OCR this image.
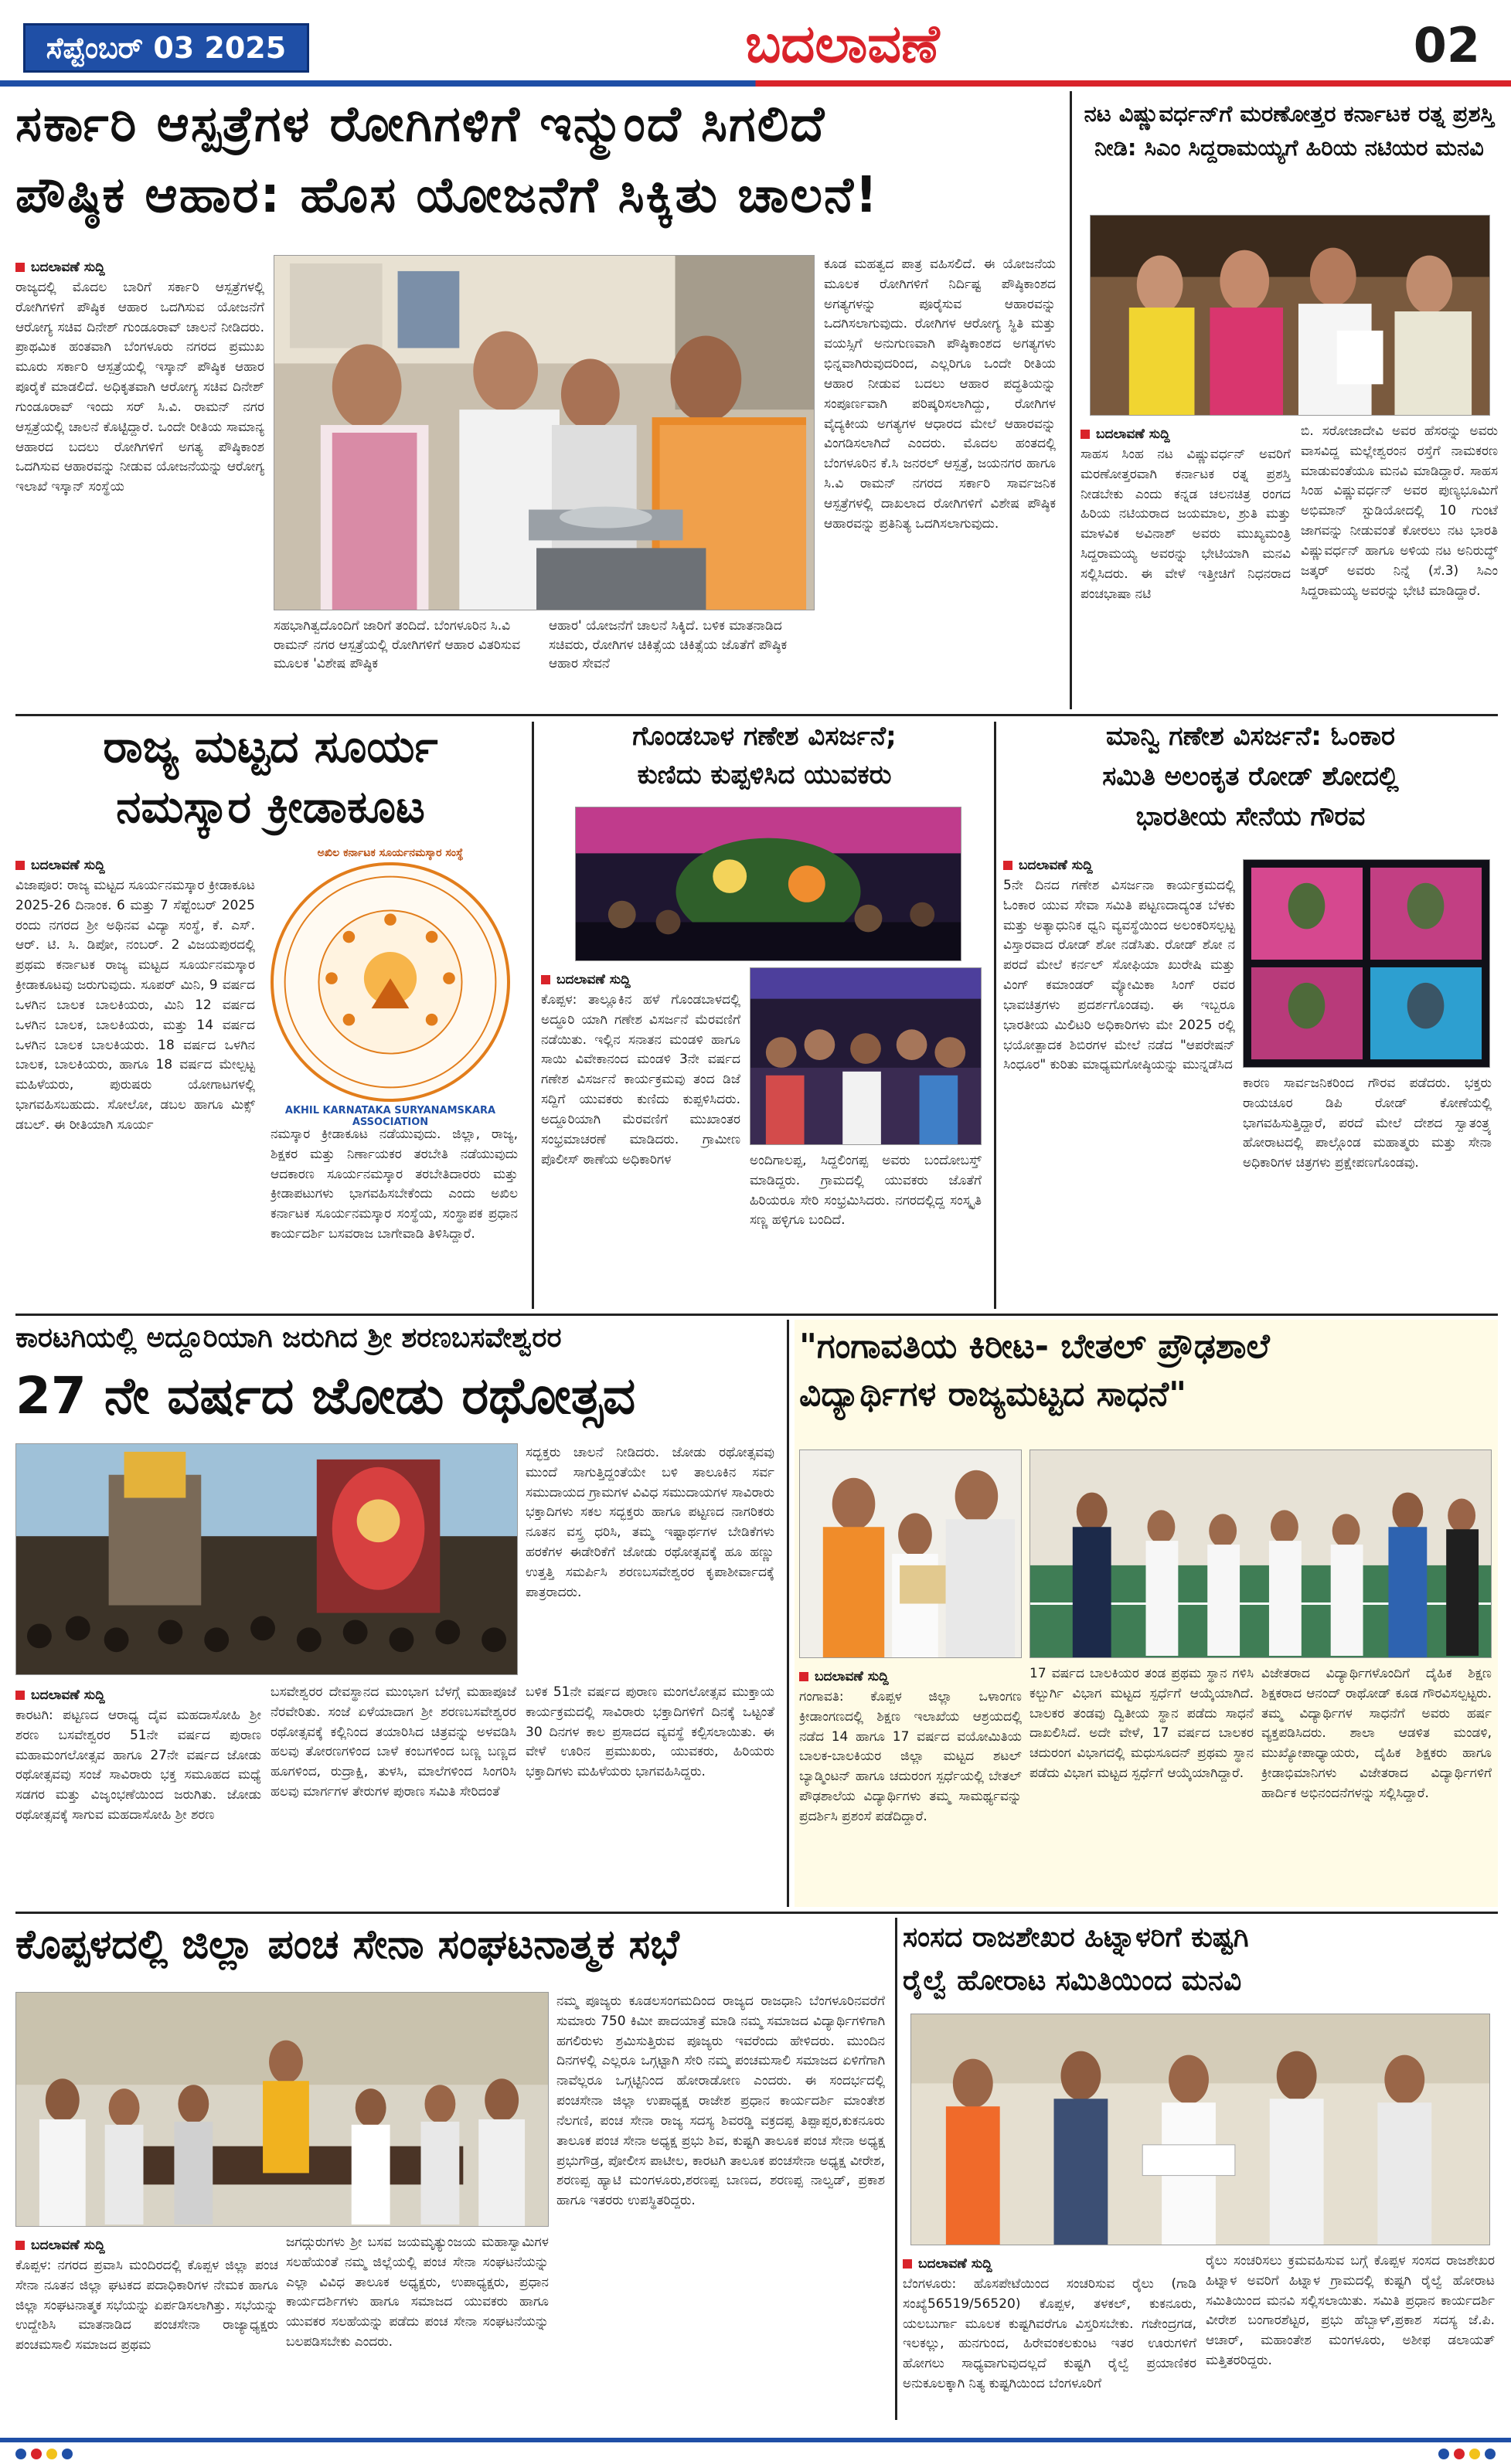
ಸೆಪ್ಟೆಂಬರ್ 03 2025	ಬದಲಾವಣೆ	02
ಸರ್ಕಾರಿ ಆಸ್ಪತ್ರೆಗಳ ರೋಗಿಗಳಿಗೆ ಇನ್ಮುಂದೆ ಸಿಗಲಿದೆ
ಪೌಷ್ಠಿಕ ಆಹಾರ: ಹೊಸ ಯೋಜನೆಗೆ ಸಿಕ್ಕಿತು ಚಾಲನೆ!
ಬದಲಾವಣೆ ಸುದ್ದಿ
ರಾಜ್ಯದಲ್ಲಿ ಮೊದಲ ಬಾರಿಗೆ ಸರ್ಕಾರಿ ಆಸ್ಪತ್ರೆಗಳಲ್ಲಿ ರೋಗಿಗಳಿಗೆ ಪೌಷ್ಠಿಕ ಆಹಾರ ಒದಗಿಸುವ ಯೋಜನೆಗೆ ಆರೋಗ್ಯ ಸಚಿವ ದಿನೇಶ್ ಗುಂಡೂರಾವ್ ಚಾಲನೆ ನೀಡಿದರು. ಪ್ರಾಥಮಿಕ ಹಂತವಾಗಿ ಬೆಂಗಳೂರು ನಗರದ ಪ್ರಮುಖ ಮೂರು ಸರ್ಕಾರಿ ಆಸ್ಪತ್ರೆಯಲ್ಲಿ ಇಸ್ಕಾನ್ ಪೌಷ್ಠಿಕ ಆಹಾರ ಪೂರೈಕೆ ಮಾಡಲಿದೆ. ಅಧಿಕೃತವಾಗಿ ಆರೋಗ್ಯ ಸಚಿವ ದಿನೇಶ್ ಗುಂಡೂರಾವ್ ಇಂದು ಸರ್ ಸಿ.ವಿ. ರಾಮನ್ ನಗರ ಆಸ್ಪತ್ರೆಯಲ್ಲಿ ಚಾಲನೆ ಕೊಟ್ಟಿದ್ದಾರೆ. ಒಂದೇ ರೀತಿಯ ಸಾಮಾನ್ಯ ಆಹಾರದ ಬದಲು ರೋಗಿಗಳಿಗೆ ಅಗತ್ಯ ಪೌಷ್ಠಿಕಾಂಶ ಒದಗಿಸುವ ಆಹಾರವನ್ನು ನೀಡುವ ಯೋಜನೆಯನ್ನು ಆರೋಗ್ಯ ಇಲಾಖೆ ಇಸ್ಕಾನ್ ಸಂಸ್ಥೆಯ
ಸಹಭಾಗಿತ್ವದೊಂದಿಗೆ ಜಾರಿಗೆ ತಂದಿದೆ. ಬೆಂಗಳೂರಿನ ಸಿ.ವಿ ರಾಮನ್ ನಗರ ಆಸ್ಪತ್ರೆಯಲ್ಲಿ ರೋಗಿಗಳಿಗೆ ಆಹಾರ ವಿತರಿಸುವ ಮೂಲಕ 'ವಿಶೇಷ ಪೌಷ್ಠಿಕ
ಆಹಾರ' ಯೋಜನೆಗೆ ಚಾಲನೆ ಸಿಕ್ಕಿದೆ. ಬಳಿಕ ಮಾತನಾಡಿದ ಸಚಿವರು, ರೋಗಿಗಳ ಚಿಕಿತ್ಸೆಯ ಚಿಕಿತ್ಸೆಯ ಜೊತೆಗೆ ಪೌಷ್ಠಿಕ ಆಹಾರ ಸೇವನೆ
ಕೂಡ ಮಹತ್ವದ ಪಾತ್ರ ವಹಿಸಲಿದೆ. ಈ ಯೋಜನೆಯ ಮೂಲಕ ರೋಗಿಗಳಿಗೆ ನಿರ್ದಿಷ್ಟ ಪೌಷ್ಠಿಕಾಂಶದ ಅಗತ್ಯಗಳನ್ನು ಪೂರೈಸುವ ಆಹಾರವನ್ನು ಒದಗಿಸಲಾಗುವುದು. ರೋಗಿಗಳ ಆರೋಗ್ಯ ಸ್ಥಿತಿ ಮತ್ತು ವಯಸ್ಸಿಗೆ ಅನುಗುಣವಾಗಿ ಪೌಷ್ಠಿಕಾಂಶದ ಅಗತ್ಯಗಳು ಭಿನ್ನವಾಗಿರುವುದರಿಂದ, ಎಲ್ಲರಿಗೂ ಒಂದೇ ರೀತಿಯ ಆಹಾರ ನೀಡುವ ಬದಲು ಆಹಾರ ಪದ್ಧತಿಯನ್ನು ಸಂಪೂರ್ಣವಾಗಿ ಪರಿಷ್ಕರಿಸಲಾಗಿದ್ದು, ರೋಗಿಗಳ ವೈದ್ಯಕೀಯ ಅಗತ್ಯಗಳ ಆಧಾರದ ಮೇಲೆ ಆಹಾರವನ್ನು ವಿಂಗಡಿಸಲಾಗಿದೆ ಎಂದರು. ಮೊದಲ ಹಂತದಲ್ಲಿ ಬೆಂಗಳೂರಿನ ಕೆ.ಸಿ ಜನರಲ್ ಆಸ್ಪತ್ರೆ, ಜಯನಗರ ಹಾಗೂ ಸಿ.ವಿ ರಾಮನ್ ನಗರದ ಸರ್ಕಾರಿ ಸಾರ್ವಜನಿಕ ಆಸ್ಪತ್ರೆಗಳಲ್ಲಿ ದಾಖಲಾದ ರೋಗಿಗಳಿಗೆ ವಿಶೇಷ ಪೌಷ್ಠಿಕ ಆಹಾರವನ್ನು ಪ್ರತಿನಿತ್ಯ ಒದಗಿಸಲಾಗುವುದು.
ನಟ ವಿಷ್ಣುವರ್ಧನ್‌ಗೆ ಮರಣೋತ್ತರ ಕರ್ನಾಟಕ ರತ್ನ ಪ್ರಶಸ್ತಿ ನೀಡಿ: ಸಿಎಂ ಸಿದ್ದರಾಮಯ್ಯಗೆ ಹಿರಿಯ ನಟಿಯರ ಮನವಿ
ಬದಲಾವಣೆ ಸುದ್ದಿ
ಸಾಹಸ ಸಿಂಹ ನಟ ವಿಷ್ಣುವರ್ಧನ್ ಅವರಿಗೆ ಮರಣೋತ್ತರವಾಗಿ ಕರ್ನಾಟಕ ರತ್ನ ಪ್ರಶಸ್ತಿ ನೀಡಬೇಕು ಎಂದು ಕನ್ನಡ ಚಲನಚಿತ್ರ ರಂಗದ ಹಿರಿಯ ನಟಿಯರಾದ ಜಯಮಾಲ, ಶ್ರುತಿ ಮತ್ತು ಮಾಳವಿಕ ಅವಿನಾಶ್ ಅವರು ಮುಖ್ಯಮಂತ್ರಿ ಸಿದ್ದರಾಮಯ್ಯ ಅವರನ್ನು ಭೇಟಿಯಾಗಿ ಮನವಿ ಸಲ್ಲಿಸಿದರು. ಈ ವೇಳೆ ಇತ್ತೀಚಿಗೆ ನಿಧನರಾದ ಪಂಚಭಾಷಾ ನಟಿ
ಬಿ. ಸರೋಜಾದೇವಿ ಅವರ ಹೆಸರನ್ನು ಅವರು ವಾಸವಿದ್ದ ಮಲ್ಲೇಶ್ವರಂನ ರಸ್ತೆಗೆ ನಾಮಕರಣ ಮಾಡುವಂತೆಯೂ ಮನವಿ ಮಾಡಿದ್ದಾರೆ. ಸಾಹಸ ಸಿಂಹ ವಿಷ್ಣುವರ್ಧನ್ ಅವರ ಪುಣ್ಯಭೂಮಿಗೆ ಅಭಿಮಾನ್ ಸ್ಟುಡಿಯೋದಲ್ಲಿ 10 ಗುಂಟೆ ಜಾಗವನ್ನು ನೀಡುವಂತೆ ಕೋರಲು ನಟ ಭಾರತಿ ವಿಷ್ಣುವರ್ಧನ್ ಹಾಗೂ ಅಳಿಯ ನಟ ಅನಿರುದ್ಧ್ ಜತ್ಕರ್ ಅವರು ನಿನ್ನೆ (ಸೆ.3) ಸಿಎಂ ಸಿದ್ದರಾಮಯ್ಯ ಅವರನ್ನು ಭೇಟಿ ಮಾಡಿದ್ದಾರೆ.
ರಾಜ್ಯ ಮಟ್ಟದ ಸೂರ್ಯ
ನಮಸ್ಕಾರ ಕ್ರೀಡಾಕೂಟ
ಬದಲಾವಣೆ ಸುದ್ದಿ
ವಿಜಾಪೂರ: ರಾಜ್ಯ ಮಟ್ಟದ ಸೂರ್ಯನಮಸ್ಕಾರ ಕ್ರೀಡಾಕೂಟ 2025-26 ದಿನಾಂಕ. 6 ಮತ್ತು 7 ಸೆಪ್ಟೆಂಬರ್ 2025 ರಂದು ನಗರದ ಶ್ರೀ ಅಥಿನವ ವಿದ್ಯಾ ಸಂಸ್ಥೆ, ಕೆ. ಎಸ್. ಆರ್. ಟಿ. ಸಿ. ಡಿಪೋ, ನಂಬರ್. 2 ವಿಜಯಪುರದಲ್ಲಿ ಪ್ರಥಮ ಕರ್ನಾಟಕ ರಾಜ್ಯ ಮಟ್ಟದ ಸೂರ್ಯನಮಸ್ಕಾರ ಕ್ರೀಡಾಕೂಟವು ಜರುಗುವುದು. ಸೂಪರ್ ಮಿನಿ, 9 ವರ್ಷದ ಒಳಗಿನ ಬಾಲಕ ಬಾಲಕಿಯರು, ಮಿನಿ 12 ವರ್ಷದ ಒಳಗಿನ ಬಾಲಕ, ಬಾಲಕಿಯರು, ಮತ್ತು 14 ವರ್ಷದ ಒಳಗಿನ ಬಾಲಕ ಬಾಲಕಿಯರು. 18 ವರ್ಷದ ಒಳಗಿನ ಬಾಲಕ, ಬಾಲಕಿಯರು, ಹಾಗೂ 18 ವರ್ಷದ ಮೇಲ್ಪಟ್ಟ ಮಹಿಳೆಯರು, ಪುರುಷರು ಯೋಗಾಟಗಳಲ್ಲಿ ಭಾಗವಹಿಸಬಹುದು. ಸೋಲೋ, ಡಬಲ ಹಾಗೂ ಮಿಕ್ಸ್ ಡಬಲ್. ಈ ರೀತಿಯಾಗಿ ಸೂರ್ಯ
ಅಖಿಲ ಕರ್ನಾಟಕ ಸೂರ್ಯನಮಸ್ಕಾರ ಸಂಸ್ಥೆ
AKHIL KARNATAKA SURYANAMSKARA ASSOCIATION
ನಮಸ್ಕಾರ ಕ್ರೀಡಾಕೂಟ ನಡೆಯುವುದು. ಜಿಲ್ಲಾ, ರಾಜ್ಯ, ಶಿಕ್ಷಕರ ಮತ್ತು ನಿರ್ಣಾಯಕರ ತರಬೇತಿ ನಡೆಯುವುದು ಆದಕಾರಣ ಸೂರ್ಯನಮಸ್ಕಾರ ತರಬೇತಿದಾರರು ಮತ್ತು ಕ್ರೀಡಾಪಟುಗಳು ಭಾಗವಹಿಸಬೇಕೆಂದು ಎಂದು ಅಖಿಲ ಕರ್ನಾಟಕ ಸೂರ್ಯನಮಸ್ಕಾರ ಸಂಸ್ಥೆಯ, ಸಂಸ್ಥಾಪಕ ಪ್ರಧಾನ ಕಾರ್ಯದರ್ಶಿ ಬಸವರಾಜ ಬಾಗೇವಾಡಿ ತಿಳಿಸಿದ್ದಾರೆ.
ಗೊಂಡಬಾಳ ಗಣೇಶ ವಿಸರ್ಜನೆ;
ಕುಣಿದು ಕುಪ್ಪಳಿಸಿದ ಯುವಕರು
ಬದಲಾವಣೆ ಸುದ್ದಿ
ಕೊಪ್ಪಳ: ತಾಲ್ಲೂಕಿನ ಹಳೆ ಗೊಂಡಬಾಳದಲ್ಲಿ ಅದ್ಧೂರಿ ಯಾಗಿ ಗಣೇಶ ವಿಸರ್ಜನೆ ಮೆರವಣಿಗೆ ನಡೆಯಿತು. ಇಲ್ಲಿನ ಸನಾತನ ಮಂಡಳಿ ಹಾಗೂ ಸಾಯಿ ವಿವೇಕಾನಂದ ಮಂಡಳಿ 3ನೇ ವರ್ಷದ ಗಣೇಶ ವಿಸರ್ಜನೆ ಕಾರ್ಯಕ್ರಮವು ತಂದ ಡಿಜೆ ಸದ್ದಿಗೆ ಯುವಕರು ಕುಣಿದು ಕುಪ್ಪಳಿಸಿದರು. ಅದ್ದೂರಿಯಾಗಿ ಮೆರವಣಿಗೆ ಮುಖಾಂತರ ಸಂಭ್ರಮಾಚರಣೆ ಮಾಡಿದರು. ಗ್ರಾಮೀಣ ಪೊಲೀಸ್ ಠಾಣೆಯ ಅಧಿಕಾರಿಗಳ	ಅಂದಿಗಾಲಪ್ಪ, ಸಿದ್ದಲಿಂಗಪ್ಪ ಅವರು ಬಂದೋಬಸ್ತ್ ಮಾಡಿದ್ದರು. ಗ್ರಾಮದಲ್ಲಿ ಯುವಕರು ಜೊತೆಗೆ ಹಿರಿಯರೂ ಸೇರಿ ಸಂಭ್ರಮಿಸಿದರು. ನಗರದಲ್ಲಿದ್ದ ಸಂಸ್ಕೃತಿ ಸಣ್ಣ ಹಳ್ಳಿಗೂ ಬಂದಿದೆ.
ಮಾನ್ವಿ ಗಣೇಶ ವಿಸರ್ಜನೆ: ಓಂಕಾರ
ಸಮಿತಿ ಅಲಂಕೃತ ರೋಡ್ ಶೋದಲ್ಲಿ
ಭಾರತೀಯ ಸೇನೆಯ ಗೌರವ
ಬದಲಾವಣೆ ಸುದ್ದಿ
5ನೇ ದಿನದ ಗಣೇಶ ವಿಸರ್ಜನಾ ಕಾರ್ಯಕ್ರಮದಲ್ಲಿ ಓಂಕಾರ ಯುವ ಸೇವಾ ಸಮಿತಿ ಪಟ್ಟಣದಾದ್ಯಂತ ಬೆಳಕು ಮತ್ತು ಅತ್ಯಾಧುನಿಕ ಧ್ವನಿ ವ್ಯವಸ್ಥೆಯಿಂದ ಅಲಂಕರಿಸಲ್ಪಟ್ಟ ವಿಸ್ತಾರವಾದ ರೋಡ್ ಶೋ ನಡೆಸಿತು. ರೋಡ್ ಶೋ ನ ಪರದೆ ಮೇಲೆ ಕರ್ನಲ್ ಸೋಫಿಯಾ ಖುರೇಷಿ ಮತ್ತು ವಿಂಗ್ ಕಮಾಂಡರ್ ವ್ಯೋಮಿಕಾ ಸಿಂಗ್ ರವರ ಭಾವಚಿತ್ರಗಳು ಪ್ರದರ್ಶಗೊಂಡವು. ಈ ಇಬ್ಬರೂ ಭಾರತೀಯ ಮಿಲಿಟರಿ ಅಧಿಕಾರಿಗಳು ಮೇ 2025 ರಲ್ಲಿ ಭಯೋತ್ಪಾದಕ ಶಿಬಿರಗಳ ಮೇಲೆ ನಡೆದ "ಆಪರೇಷನ್ ಸಿಂಧೂರ" ಕುರಿತು ಮಾಧ್ಯಮಗೋಷ್ಠಿಯನ್ನು ಮುನ್ನಡೆಸಿದ
ಕಾರಣ ಸಾರ್ವಜನಿಕರಿಂದ ಗೌರವ ಪಡೆದರು. ಭಕ್ತರು ರಾಯಚೂರ ಡಿಪಿ ರೋಡ್ ಕೋಣೆಯಲ್ಲಿ ಭಾಗವಹಿಸುತ್ತಿದ್ದಾರೆ, ಪರದೆ ಮೇಲೆ ದೇಶದ ಸ್ವಾತಂತ್ರ್ಯ ಹೋರಾಟದಲ್ಲಿ ಪಾಲ್ಗೊಂಡ ಮಹಾತ್ಮರು ಮತ್ತು ಸೇನಾ ಅಧಿಕಾರಿಗಳ ಚಿತ್ರಗಳು ಪ್ರಕ್ಷೇಪಣಗೊಂಡವು.
ಕಾರಟಗಿಯಲ್ಲಿ ಅದ್ದೂರಿಯಾಗಿ ಜರುಗಿದ ಶ್ರೀ ಶರಣಬಸವೇಶ್ವರರ
27 ನೇ ವರ್ಷದ ಜೋಡು ರಥೋತ್ಸವ
ಸದ್ಭಕ್ತರು ಚಾಲನೆ ನೀಡಿದರು. ಜೋಡು ರಥೋತ್ಸವವು ಮುಂದೆ ಸಾಗುತ್ತಿದ್ದಂತೆಯೇ ಬಳಿ ತಾಲೂಕಿನ ಸರ್ವ ಸಮುದಾಯದ ಗ್ರಾಮಗಳ ವಿವಿಧ ಸಮುದಾಯಗಳ ಸಾವಿರಾರು ಭಕ್ತಾದಿಗಳು ಸಕಲ ಸದ್ಭಕ್ತರು ಹಾಗೂ ಪಟ್ಟಣದ ನಾಗರಿಕರು ನೂತನ ವಸ್ತ್ರ ಧರಿಸಿ, ತಮ್ಮ ಇಷ್ಟಾರ್ಥಗಳ ಬೇಡಿಕೆಗಳು ಹರಕೆಗಳ ಈಡೇರಿಕೆಗೆ ಜೋಡು ರಥೋತ್ಸವಕ್ಕೆ ಹೂ ಹಣ್ಣು ಉತ್ತತ್ತಿ ಸಮರ್ಪಿಸಿ ಶರಣಬಸವೇಶ್ವರರ ಕೃಪಾಶೀರ್ವಾದಕ್ಕೆ ಪಾತ್ರರಾದರು.
ಬದಲಾವಣೆ ಸುದ್ದಿ
ಕಾರಟಗಿ: ಪಟ್ಟಣದ ಆರಾಧ್ಯ ದೈವ ಮಹದಾಸೋಹಿ ಶ್ರೀ ಶರಣ ಬಸವೇಶ್ವರರ 51ನೇ ವರ್ಷದ ಪುರಾಣ ಮಹಾಮಂಗಲೋತ್ಸವ ಹಾಗೂ 27ನೇ ವರ್ಷದ ಜೋಡು ರಥೋತ್ಸವವು ಸಂಜೆ ಸಾವಿರಾರು ಭಕ್ತ ಸಮೂಹದ ಮಧ್ಯೆ ಸಡಗರ ಮತ್ತು ವಿಜೃಂಭಣೆಯಿಂದ ಜರುಗಿತು. ಜೋಡು ರಥೋತ್ಸವಕ್ಕೆ ಸಾಗುವ ಮಹದಾಸೋಹಿ ಶ್ರೀ ಶರಣ
ಬಸವೇಶ್ವರರ ದೇವಸ್ಥಾನದ ಮುಂಭಾಗ ಬೆಳಗ್ಗೆ ಮಹಾಪೂಜೆ ನೆರವೇರಿತು. ಸಂಜೆ ಏಳೆಯಾದಾಗ ಶ್ರೀ ಶರಣಬಸವೇಶ್ವರರ ರಥೋತ್ಸವಕ್ಕೆ ಕಲ್ಲಿನಿಂದ ತಯಾರಿಸಿದ ಚಿತ್ರವನ್ನು ಅಳವಡಿಸಿ ಹಲವು ತೋರಣಗಳಿಂದ ಬಾಳೆ ಕಂಬಗಳಿಂದ ಬಣ್ಣ ಬಣ್ಣದ ಹೂಗಳಿಂದ, ರುದ್ರಾಕ್ಷಿ, ತುಳಸಿ, ಮಾಲೆಗಳಿಂದ ಸಿಂಗರಿಸಿ ಹಲವು ಮಾರ್ಗಗಳ ತೇರುಗಳ ಪುರಾಣ ಸಮಿತಿ ಸೇರಿದಂತೆ
ಬಳಿಕ 51ನೇ ವರ್ಷದ ಪುರಾಣ ಮಂಗಲೋತ್ಸವ ಮುಕ್ತಾಯ ಕಾರ್ಯಕ್ರಮದಲ್ಲಿ ಸಾವಿರಾರು ಭಕ್ತಾದಿಗಳಿಗೆ ದಿನಕ್ಕೆ ಒಟ್ಟಂತೆ 30 ದಿನಗಳ ಕಾಲ ಪ್ರಸಾದದ ವ್ಯವಸ್ಥೆ ಕಲ್ಪಿಸಲಾಯಿತು. ಈ ವೇಳೆ ಊರಿನ ಪ್ರಮುಖರು, ಯುವಕರು, ಹಿರಿಯರು ಭಕ್ತಾದಿಗಳು ಮಹಿಳೆಯರು ಭಾಗವಹಿಸಿದ್ದರು.
"ಗಂಗಾವತಿಯ ಕಿರೀಟ- ಬೇತಲ್ ಪ್ರೌಢಶಾಲೆ
ವಿದ್ಯಾರ್ಥಿಗಳ ರಾಜ್ಯಮಟ್ಟದ ಸಾಧನೆ"
ಬದಲಾವಣೆ ಸುದ್ದಿ
ಗಂಗಾವತಿ: ಕೊಪ್ಪಳ ಜಿಲ್ಲಾ ಒಳಾಂಗಣ ಕ್ರೀಡಾಂಗಣದಲ್ಲಿ ಶಿಕ್ಷಣ ಇಲಾಖೆಯ ಆಶ್ರಯದಲ್ಲಿ ನಡೆದ 14 ಹಾಗೂ 17 ವರ್ಷದ ವಯೋಮಿತಿಯ ಬಾಲಕ-ಬಾಲಕಿಯರ ಜಿಲ್ಲಾ ಮಟ್ಟದ ಶಟಲ್ ಬ್ಯಾಡ್ಮಿಂಟನ್ ಹಾಗೂ ಚದುರಂಗ ಸ್ಪರ್ಧೆಯಲ್ಲಿ ಬೇತಲ್ ಪೌಢಶಾಲೆಯ ವಿದ್ಯಾರ್ಥಿಗಳು ತಮ್ಮ ಸಾಮರ್ಥ್ಯವನ್ನು ಪ್ರದರ್ಶಿಸಿ ಪ್ರಶಂಸೆ ಪಡೆದಿದ್ದಾರೆ.
17 ವರ್ಷದ ಬಾಲಕಿಯರ ತಂಡ ಪ್ರಥಮ ಸ್ಥಾನ ಗಳಿಸಿ ಕಲ್ಬುರ್ಗಿ ವಿಭಾಗ ಮಟ್ಟದ ಸ್ಪರ್ಧೆಗೆ ಆಯ್ಕೆಯಾಗಿದೆ. ಬಾಲಕರ ತಂಡವು ದ್ವಿತೀಯ ಸ್ಥಾನ ಪಡೆದು ಸಾಧನೆ ದಾಖಲಿಸಿದೆ. ಅದೇ ವೇಳೆ, 17 ವರ್ಷದ ಬಾಲಕರ ಚದುರಂಗ ವಿಭಾಗದಲ್ಲಿ ಮಧುಸೂದನ್ ಪ್ರಥಮ ಸ್ಥಾನ ಪಡೆದು ವಿಭಾಗ ಮಟ್ಟದ ಸ್ಪರ್ಧೆಗೆ ಆಯ್ಕೆಯಾಗಿದ್ದಾರೆ.
ವಿಜೇತರಾದ ವಿದ್ಯಾರ್ಥಿಗಳೊಂದಿಗೆ ದೈಹಿಕ ಶಿಕ್ಷಣ ಶಿಕ್ಷಕರಾದ ಆನಂದ್ ರಾಥೋಡ್ ಕೂಡ ಗೌರವಿಸಲ್ಪಟ್ಟರು. ತಮ್ಮ ವಿದ್ಯಾರ್ಥಿಗಳ ಸಾಧನೆಗೆ ಅವರು ಹರ್ಷ ವ್ಯಕ್ತಪಡಿಸಿದರು. ಶಾಲಾ ಆಡಳಿತ ಮಂಡಳಿ, ಮುಖ್ಯೋಪಾಧ್ಯಾಯರು, ದೈಹಿಕ ಶಿಕ್ಷಕರು ಹಾಗೂ ಕ್ರೀಡಾಭಿಮಾನಿಗಳು ವಿಜೇತರಾದ ವಿದ್ಯಾರ್ಥಿಗಳಿಗೆ ಹಾರ್ದಿಕ ಅಭಿನಂದನೆಗಳನ್ನು ಸಲ್ಲಿಸಿದ್ದಾರೆ.
ಕೊಪ್ಪಳದಲ್ಲಿ ಜಿಲ್ಲಾ ಪಂಚ ಸೇನಾ ಸಂಘಟನಾತ್ಮಕ ಸಭೆ
ನಮ್ಮ ಪೂಜ್ಯರು ಕೂಡಲಸಂಗಮದಿಂದ ರಾಜ್ಯದ ರಾಜಧಾನಿ ಬೆಂಗಳೂರಿನವರೆಗೆ ಸುಮಾರು 750 ಕಿಮೀ ಪಾದಯಾತ್ರೆ ಮಾಡಿ ನಮ್ಮ ಸಮಾಜದ ವಿದ್ಯಾರ್ಥಿಗಳಿಗಾಗಿ ಹಗಲಿರುಳು ಶ್ರಮಿಸುತ್ತಿರುವ ಪೂಜ್ಯರು ಇವರೆಂದು ಹೇಳಿದರು. ಮುಂದಿನ ದಿನಗಳಲ್ಲಿ ಎಲ್ಲರೂ ಒಗ್ಗಟ್ಟಾಗಿ ಸೇರಿ ನಮ್ಮ ಪಂಚಮಸಾಲಿ ಸಮಾಜದ ಏಳಿಗೆಗಾಗಿ ನಾವೆಲ್ಲರೂ ಒಗ್ಗಟ್ಟಿನಿಂದ ಹೋರಾಡೋಣ ಎಂದರು. ಈ ಸಂದರ್ಭದಲ್ಲಿ ಪಂಚಸೇನಾ ಜಿಲ್ಲಾ ಉಪಾಧ್ಯಕ್ಷ ರಾಜೇಶ ಪ್ರಧಾನ ಕಾರ್ಯದರ್ಶಿ ಮಾಂತೇಶ ನೆಲಗಣಿ, ಪಂಚ ಸೇನಾ ರಾಜ್ಯ ಸದಸ್ಯ ಶಿವರಡ್ಡಿ ವಕ್ರದಪ್ಪ ತಿಪ್ಪಾಪ್ಪರ,ಕುಕನೂರು ತಾಲೂಕ ಪಂಚ ಸೇನಾ ಅಧ್ಯಕ್ಷ ಪ್ರಭು ಶಿವ, ಕುಷ್ಟಗಿ ತಾಲೂಕ ಪಂಚ ಸೇನಾ ಅಧ್ಯಕ್ಷ ಪ್ರಭುಗೌಡ್ರ, ಪೋಲೀಸ ಪಾಟೀಲ, ಕಾರಟಗಿ ತಾಲೂಕ ಪಂಚಸೇನಾ ಅಧ್ಯಕ್ಷ ವೀರೇಶ, ಶರಣಪ್ಪ ಹ್ಯಾಟಿ ಮಂಗಳೂರು,ಶರಣಪ್ಪ ಬಾಣದ, ಶರಣಪ್ಪ ನಾಲ್ವಡ್, ಪ್ರಕಾಶ ಹಾಗೂ ಇತರರು ಉಪಸ್ಥಿತರಿದ್ದರು.
ಬದಲಾವಣೆ ಸುದ್ದಿ
ಕೊಪ್ಪಳ: ನಗರದ ಪ್ರವಾಸಿ ಮಂದಿರದಲ್ಲಿ ಕೊಪ್ಪಳ ಜಿಲ್ಲಾ ಪಂಚ ಸೇನಾ ನೂತನ ಜಿಲ್ಲಾ ಘಟಕದ ಪದಾಧಿಕಾರಿಗಳ ನೇಮಕ ಹಾಗೂ ಜಿಲ್ಲಾ ಸಂಘಟನಾತ್ಮಕ ಸಭೆಯನ್ನು ಏರ್ಪಡಿಸಲಾಗಿತ್ತು. ಸಭೆಯನ್ನು ಉದ್ದೇಶಿಸಿ ಮಾತನಾಡಿದ ಪಂಚಸೇನಾ ರಾಜ್ಯಾಧ್ಯಕ್ಷರು ಪಂಚಮಸಾಲಿ ಸಮಾಜದ ಪ್ರಥಮ
ಜಗದ್ಗುರುಗಳು ಶ್ರೀ ಬಸವ ಜಯಮೃತ್ಯುಂಜಯ ಮಹಾಸ್ವಾಮಿಗಳ ಸಲಹೆಯಂತೆ ನಮ್ಮ ಜಿಲ್ಲೆಯಲ್ಲಿ ಪಂಚ ಸೇನಾ ಸಂಘಟನೆಯನ್ನು ಎಲ್ಲಾ ವಿವಿಧ ತಾಲೂಕ ಅಧ್ಯಕ್ಷರು, ಉಪಾಧ್ಯಕ್ಷರು, ಪ್ರಧಾನ ಕಾರ್ಯದರ್ಶಿಗಳು ಹಾಗೂ ಸಮಾಜದ ಯುವಕರು ಹಾಗೂ ಯುವಕರ ಸಲಹೆಯನ್ನು ಪಡೆದು ಪಂಚ ಸೇನಾ ಸಂಘಟನೆಯನ್ನು ಬಲಪಡಿಸಬೇಕು ಎಂದರು.
ಸಂಸದ ರಾಜಶೇಖರ ಹಿಟ್ನಾಳರಿಗೆ ಕುಷ್ಟಗಿ
ರೈಲ್ವೆ ಹೋರಾಟ ಸಮಿತಿಯಿಂದ ಮನವಿ
ಬದಲಾವಣೆ ಸುದ್ದಿ
ಬೆಂಗಳೂರು: ಹೊಸಪೇಟೆಯಿಂದ ಸಂಚರಿಸುವ ರೈಲು (ಗಾಡಿ ಸಂಖ್ಯೆ56519/56520) ಕೊಪ್ಪಳ, ತಳಕಲ್, ಕುಕನೂರು, ಯಲಬುರ್ಗಾ ಮೂಲಕ ಕುಷ್ಟಗಿವರೆಗೂ ವಿಸ್ತರಿಸಬೇಕು. ಗಜೇಂದ್ರಗಡ, ಇಲಕಲ್ಲು, ಹುನಗುಂದ, ಹಿರೇವಂಕಲಕುಂಟ ಇತರ ಊರುಗಳಿಗೆ ಹೋಗಲು ಸಾಧ್ಯವಾಗುವುದಲ್ಲದೆ ಕುಷ್ಟಗಿ ರೈಲ್ವೆ ಪ್ರಯಾಣಿಕರ ಅನುಕೂಲಕ್ಕಾಗಿ ನಿತ್ಯ ಕುಷ್ಟಗಿಯಿಂದ ಬೆಂಗಳೂರಿಗೆ
ರೈಲು ಸಂಚರಿಸಲು ಕ್ರಮವಹಿಸುವ ಬಗ್ಗೆ ಕೊಪ್ಪಳ ಸಂಸದ ರಾಜಶೇಖರ ಹಿಟ್ನಾಳ ಅವರಿಗೆ ಹಿಟ್ನಾಳ ಗ್ರಾಮದಲ್ಲಿ ಕುಷ್ಟಗಿ ರೈಲ್ವೆ ಹೋರಾಟ ಸಮಿತಿಯಿಂದ ಮನವಿ ಸಲ್ಲಿಸಲಾಯಿತು. ಸಮಿತಿ ಪ್ರಧಾನ ಕಾರ್ಯದರ್ಶಿ ವೀರೇಶ ಬಂಗಾರಶೆಟ್ಟರ, ಪ್ರಭು ಹೆಬ್ಬಾಳ್,ಪ್ರಕಾಶ ಸದಸ್ಯ ಜೆ.ಪಿ. ಆಚಾರ್, ಮಹಾಂತೇಶ ಮಂಗಳೂರು, ಅಶೀಫ ಡಲಾಯತ್ ಮತ್ತಿತರರಿದ್ದರು.
